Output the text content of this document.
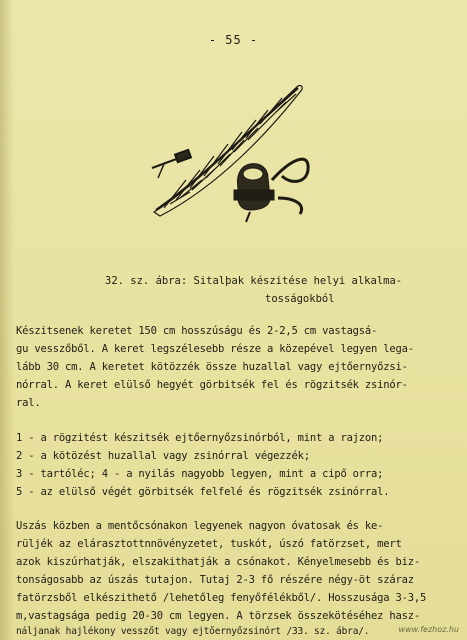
- 55 -
32. sz. ábra: Sitalþak készitése helyi alkalma-
tosságokból
Készitsenek keretet 150 cm hosszúságu és 2-2,5 cm vastagsá-
gu vesszőből. A keret legszélesebb része a közepével legyen lega-
lább 30 cm. A keretet kötözzék össze huzallal vagy ejtőernyőzsi-
nórral. A keret elülső hegyét görbitsék fel és rögzitsék zsinór-
ral.
1 - a rögzitést készitsék ejtőernyőzsinórból, mint a rajzon;
2 - a kötözést huzallal vagy zsinórral végezzék;
3 - tartóléc; 4 - a nyilás nagyobb legyen, mint a cipő orra;
5 - az elülső végét görbitsék felfelé és rögzitsék zsinórral.
Uszás közben a mentőcsónakon legyenek nagyon óvatosak és ke-
rüljék az elárasztottnnövényzetet, tuskót, úszó fatörzset, mert
azok kiszúrhatják, elszakithatják a csónakot. Kényelmesebb és biz-
tonságosabb az úszás tutajon. Tutaj 2-3 fő részére négy-öt száraz
fatörzsből elkészithető /lehetőleg fenyőfélékből/. Hosszusága 3-3,5
m,vastagsága pedig 20-30 cm legyen. A törzsek összekötéséhez hasz-
náljanak hajlékony vesszőt vagy ejtőernyőzsinórt /33. sz. ábra/.	www.fezhoz.hu
